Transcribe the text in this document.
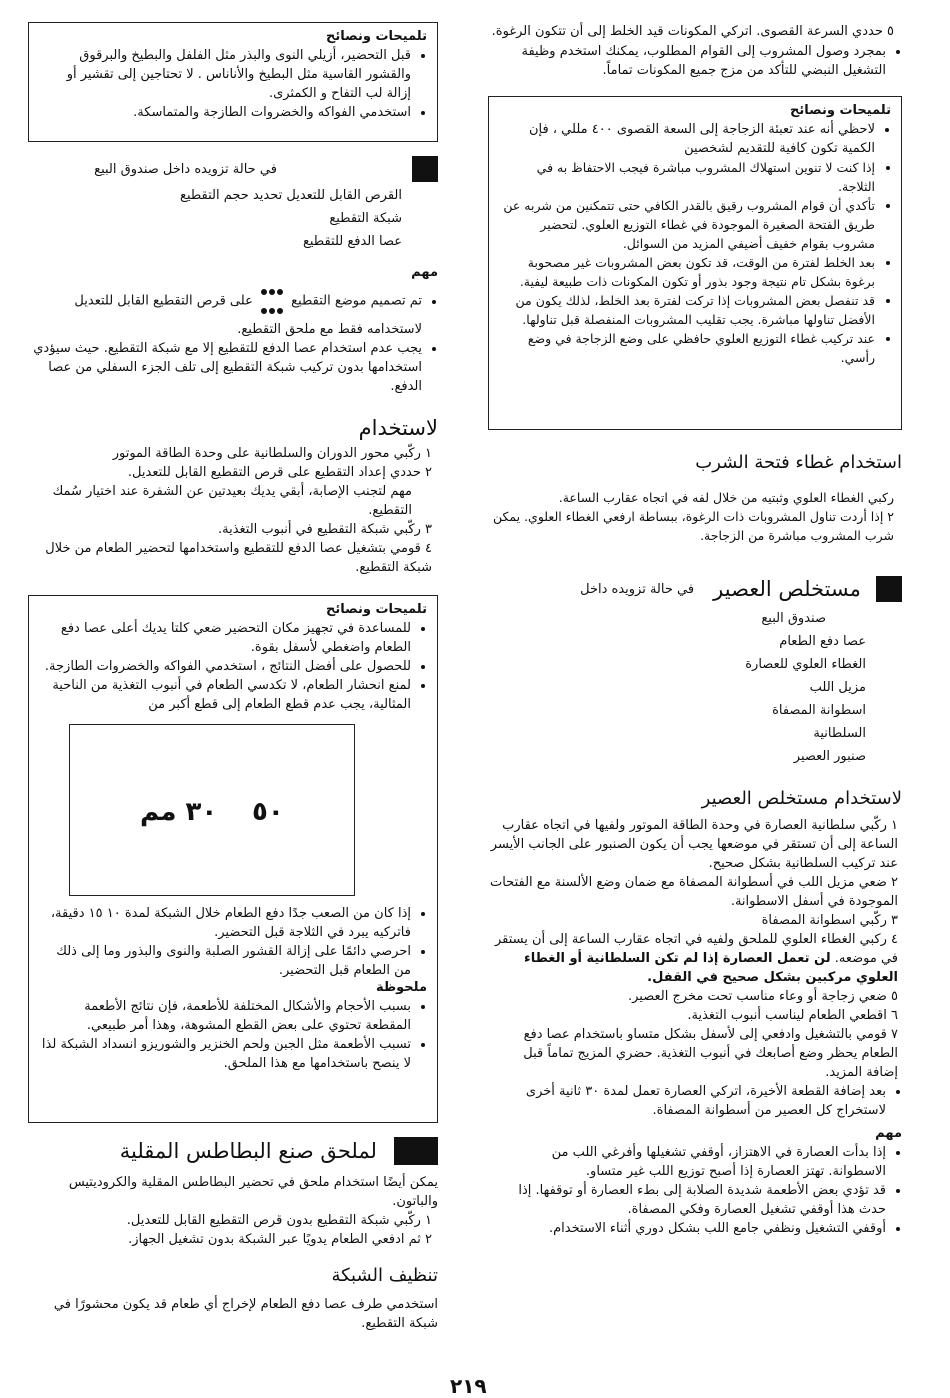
٥ حددي السرعة القصوى. اتركي المكونات قيد الخلط إلى أن تتكون الرغوة.
• بمجرد وصول المشروب إلى القوام المطلوب، يمكنك استخدم وظيفة التشغيل النبضي للتأكد من مزج جميع المكونات تماماً.
تلميحات ونصائح
• لاحظي أنه عند تعبئة الزجاجة إلى السعة القصوى ٤٠٠ مللي ، فإن الكمية تكون كافية للتقديم لشخصين
• إذا كنت لا تنوين استهلاك المشروب مباشرة فيجب الاحتفاظ به في الثلاجة.
• تأكدي أن قوام المشروب رقيق بالقدر الكافي حتى تتمكنين من شربه عن طريق الفتحة الصغيرة الموجودة في غطاء التوزيع العلوي. لتحضير مشروب بقوام خفيف أضيفي المزيد من السوائل.
• بعد الخلط لفترة من الوقت، قد تكون بعض المشروبات غير مصحوبة برغوة بشكل تام نتيجة وجود بذور أو تكون المكونات ذات طبيعة ليفية.
• قد تنفصل بعض المشروبات إذا تركت لفترة بعد الخلط، لذلك يكون من الأفضل تناولها مباشرة. يجب تقليب المشروبات المنفصلة قبل تناولها.
• عند تركيب غطاء التوزيع العلوي حافظي على وضع الزجاجة في وضع رأسي.
استخدام غطاء فتحة الشرب
ركبي الغطاء العلوي وثبتيه من خلال لفه في اتجاه عقارب الساعة.
٢ إذا أردت تناول المشروبات ذات الرغوة، ببساطة ارفعي الغطاء العلوي. يمكن شرب المشروب مباشرة من الزجاجة.
مستخلص العصير في حالة تزويده داخل

صندوق البيع

عصا دفع الطعام

الغطاء العلوي للعصارة

مزيل اللب

اسطوانة المصفاة

السلطانية

صنبور العصير

لاستخدام مستخلص العصير
١ ركّبي سلطانية العصارة في وحدة الطاقة الموتور ولفيها في اتجاه عقارب الساعة إلى أن تستقر في موضعها يجب أن يكون الصنبور على الجانب الأيسر عند تركيب السلطانية بشكل صحيح.
٢ ضعي مزيل اللب في أسطوانة المصفاة مع ضمان وضع الألسنة مع الفتحات الموجودة في أسفل الاسطوانة.
٣ ركّبي اسطوانة المصفاة
٤ ركبي الغطاء العلوي للملحق ولفيه في اتجاه عقارب الساعة إلى أن يستقر في موضعه. لن تعمل العصارة إذا لم تكن السلطانية أو الغطاء العلوي مركبين بشكل صحيح في القفل.
٥ ضعي زجاجة أو وعاء مناسب تحت مخرج العصير.
٦ اقطعي الطعام ليناسب أنبوب التغذية.
٧ قومي بالتشغيل وادفعي إلى لأسفل بشكل متساو باستخدام عصا دفع الطعام يحظر وضع أصابعك في أنبوب التغذية. حضري المزيج تماماً قبل إضافة المزيد.
• بعد إضافة القطعة الأخيرة، اتركي العصارة تعمل لمدة ٣٠ ثانية أخرى لاستخراج كل العصير من أسطوانة المصفاة.
مهم
• إذا بدأت العصارة في الاهتزاز، أوقفي تشغيلها وأفرغي اللب من الاسطوانة. تهتز العصارة إذا أصبح توزيع اللب غير متساو.
• قد تؤدي بعض الأطعمة شديدة الصلابة إلى بطء العصارة أو توقفها. إذا حدث هذا أوقفي تشغيل العصارة وفكي المصفاة.
• أوقفي التشغيل ونظفي جامع اللب بشكل دوري أثناء الاستخدام.
تلميحات ونصائح
• قبل التحضير، أزيلي النوى والبذر مثل الفلفل والبطيخ والبرقوق والقشور القاسية مثل البطيخ والأناناس . لا تحتاجين إلى تقشير أو إزالة لب التفاح و الكمثرى.
• استخدمي الفواكه والخضروات الطازجة والمتماسكة.
في حالة تزويده داخل صندوق البيع

القرص القابل للتعديل تحديد حجم التقطيع

شبكة التقطيع

عصا الدفع للتقطيع

مهم
• تم تصميم موضع التقطيع
على قرص التقطيع القابل للتعديل لاستخدامه فقط مع ملحق التقطيع.
• يجب عدم استخدام عصا الدفع للتقطيع إلا مع شبكة التقطيع. حيث سيؤدي استخدامها بدون تركيب شبكة التقطيع إلى تلف الجزء السفلي من عصا الدفع.
لاستخدام
١ ركّبي محور الدوران والسلطانية على وحدة الطاقة الموتور
٢ حددي إعداد التقطيع على قرص التقطيع القابل للتعديل.
مهم لتجنب الإصابة، أبقي يديك بعيدتين عن الشفرة عند اختيار سُمك التقطيع.
٣ ركّبي شبكة التقطيع في أنبوب التغذية.
٤ قومي بتشغيل عصا الدفع للتقطيع واستخدامها لتحضير الطعام من خلال شبكة التقطيع.
تلميحات ونصائح
• للمساعدة في تجهيز مكان التحضير ضعي كلتا يديك أعلى عصا دفع الطعام واضغطي لأسفل بقوة.
• للحصول على أفضل النتائج ، استخدمي الفواكه والخضروات الطازجة.
• لمنع انحشار الطعام، لا تكدسي الطعام في أنبوب التغذية من الناحية المثالية، يجب عدم قطع الطعام إلى قطع أكبر من
٣٠ مم ٥٠
• إذا كان من الصعب جدًا دفع الطعام خلال الشبكة لمدة ١٠ ١٥ دقيقة، فاتركيه يبرد في الثلاجة قبل التحضير.
• احرصي دائمًا على إزالة القشور الصلبة والنوى والبذور وما إلى ذلك من الطعام قبل التحضير.
ملحوظة
• بسبب الأحجام والأشكال المختلفة للأطعمة، فإن نتائج الأطعمة المقطعة تحتوي على بعض القطع المشوهة، وهذا أمر طبيعي.
• تسبب الأطعمة مثل الجبن ولحم الخنزير والشوريزو انسداد الشبكة لذا لا ينصح باستخدامها مع هذا الملحق.
لملحق صنع البطاطس المقلية

يمكن أيضًا استخدام ملحق في تحضير البطاطس المقلية والكروديتيس والباتون.

١ ركّبي شبكة التقطيع بدون قرص التقطيع القابل للتعديل.
٢ ثم ادفعي الطعام يدويًا عبر الشبكة بدون تشغيل الجهاز.
تنظيف الشبكة

استخدمي طرف عصا دفع الطعام لإخراج أي طعام قد يكون محشورًا في شبكة التقطيع.

٢١٩
